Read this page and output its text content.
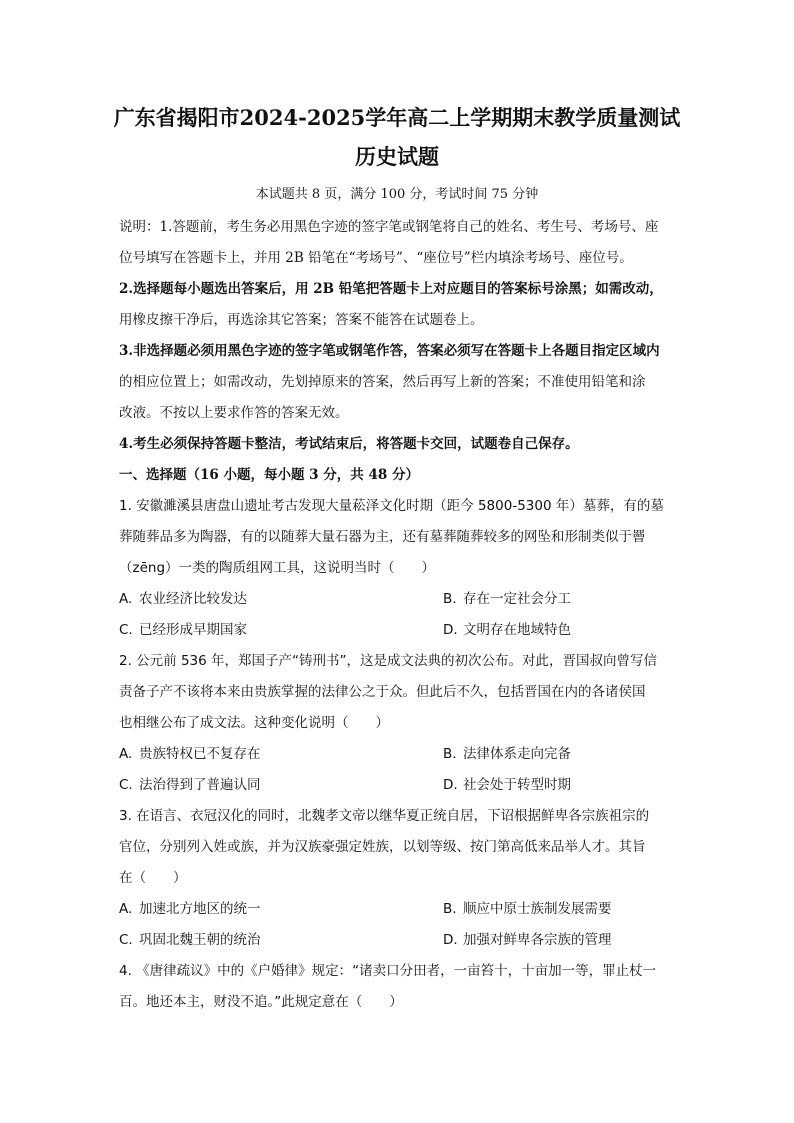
广东省揭阳市2024-2025学年高二上学期期末教学质量测试
历史试题
本试题共 8 页，满分 100 分，考试时间 75 分钟
说明：1.答题前，考生务必用黑色字迹的签字笔或钢笔将自己的姓名、考生号、考场号、座
位号填写在答题卡上，并用 2B 铅笔在“考场号”、“座位号”栏内填涂考场号、座位号。
2.选择题每小题选出答案后，用 2B 铅笔把答题卡上对应题目的答案标号涂黑；如需改动，
用橡皮擦干净后，再选涂其它答案；答案不能答在试题卷上。
3.非选择题必须用黑色字迹的签字笔或钢笔作答，答案必须写在答题卡上各题目指定区域内
的相应位置上；如需改动，先划掉原来的答案，然后再写上新的答案；不准使用铅笔和涂
改液。不按以上要求作答的答案无效。
4.考生必须保持答题卡整洁，考试结束后，将答题卡交回，试题卷自己保存。
一、选择题（16 小题，每小题 3 分，共 48 分）
1. 安徽濉溪县唐盘山遗址考古发现大量菘泽文化时期（距今 5800-5300 年）墓葬，有的墓
葬随葬品多为陶器，有的以随葬大量石器为主，还有墓葬随葬较多的网坠和形制类似于罾
（zēng）一类的陶质组网工具，这说明当时（　　）
A. 农业经济比较发达	B. 存在一定社会分工
C. 已经形成早期国家	D. 文明存在地域特色
2. 公元前 536 年，郑国子产“铸刑书”，这是成文法典的初次公布。对此，晋国叔向曾写信
责备子产不该将本来由贵族掌握的法律公之于众。但此后不久，包括晋国在内的各诸侯国
也相继公布了成文法。这种变化说明（　　）
A. 贵族特权已不复存在	B. 法律体系走向完备
C. 法治得到了普遍认同	D. 社会处于转型时期
3. 在语言、衣冠汉化的同时，北魏孝文帝以继华夏正统自居，下诏根据鲜卑各宗族祖宗的
官位，分别列入姓或族，并为汉族豪强定姓族，以划等级、按门第高低来品举人才。其旨
在（　　）
A. 加速北方地区的统一	B. 顺应中原士族制发展需要
C. 巩固北魏王朝的统治	D. 加强对鲜卑各宗族的管理
4. 《唐律疏议》中的《户婚律》规定：“诸卖口分田者，一亩笞十，十亩加一等，罪止杖一
百。地还本主，财没不追。”此规定意在（　　）
